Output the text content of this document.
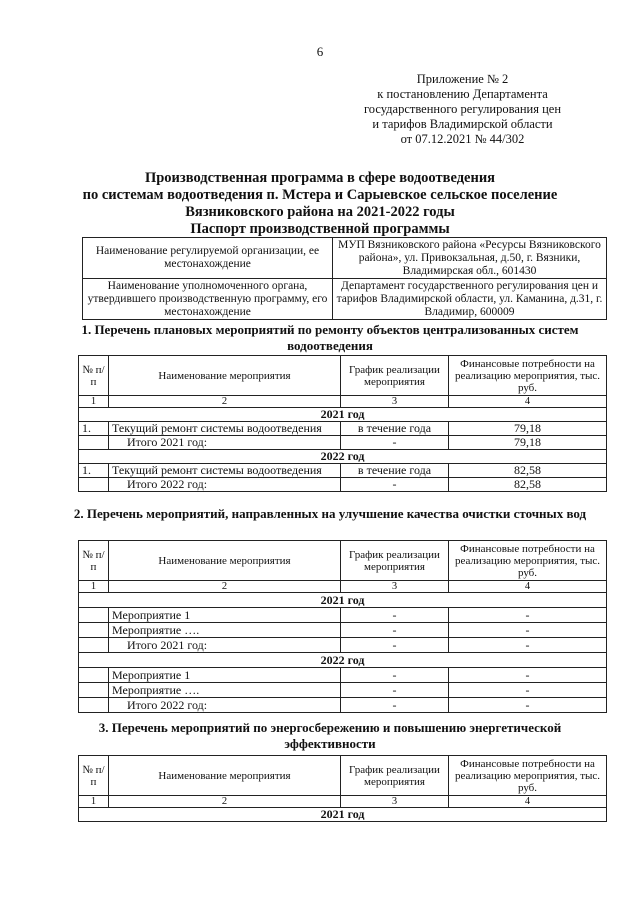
6
Приложение № 2
к постановлению Департамента
государственного регулирования цен
и тарифов Владимирской области
от 07.12.2021 № 44/302
Производственная программа в сфере водоотведения
по системам водоотведения п. Мстера и Сарыевское сельское поселение
Вязниковского района на 2021-2022 годы
Паспорт производственной программы
Наименование регулируемой организации, ее местонахождение	МУП Вязниковского района «Ресурсы Вязниковского района», ул. Привокзальная, д.50, г. Вязники, Владимирская обл., 601430
Наименование уполномоченного органа, утвердившего производственную программу, его местонахождение	Департамент государственного регулирования цен и тарифов Владимирской области, ул. Каманина, д.31, г. Владимир, 600009
1. Перечень плановых мероприятий по ремонту объектов централизованных систем водоотведения
№ п/п	Наименование мероприятия	График реализации мероприятия	Финансовые потребности на реализацию мероприятия, тыс. руб.
1	2	3	4
2021 год			
1.	Текущий ремонт системы водоотведения	в течение года	79,18
	Итого 2021 год:	-	79,18
2022 год			
1.	Текущий ремонт системы водоотведения	в течение года	82,58
	Итого 2022 год:	-	82,58
2. Перечень мероприятий, направленных на улучшение качества очистки сточных вод
№ п/п	Наименование мероприятия	График реализации мероприятия	Финансовые потребности на реализацию мероприятия, тыс. руб.
1	2	3	4
2021 год			
	Мероприятие 1	-	-
	Мероприятие ….	-	-
	Итого 2021 год:	-	-
2022 год			
	Мероприятие 1	-	-
	Мероприятие ….	-	-
	Итого 2022 год:	-	-
3. Перечень мероприятий по энергосбережению и повышению энергетической эффективности
№ п/п	Наименование мероприятия	График реализации мероприятия	Финансовые потребности на реализацию мероприятия, тыс. руб.
1	2	3	4
2021 год			
